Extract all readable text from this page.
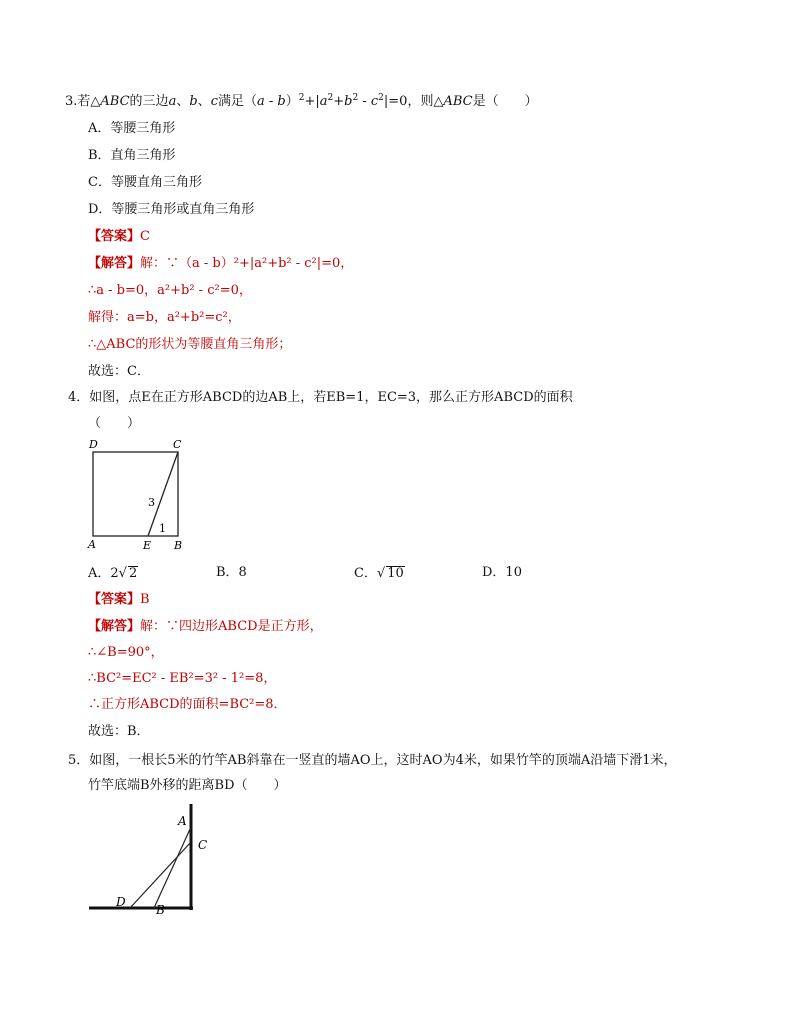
3.若△ABC的三边a、b、c满足$(a - b)^2+|a^2+b^2 - c^2|=0$，则△ABC是（　　）
A．等腰三角形
B．直角三角形
C．等腰直角三角形
D．等腰三角形或直角三角形
【答案】C
【解答】解：∵（a - b）²+|a²+b² - c²|=0，
∴a - b=0，a²+b² - c²=0，
解得：a=b，a²+b²=c²，
∴△ABC的形状为等腰直角三角形；
故选：C．
4．如图，点E在正方形ABCD的边AB上，若EB=1，EC=3，那么正方形ABCD的面积
（　　）
D	C
A	E B
3
1
A．2√ 2	B．8	C．√ 10	D．10
【答案】B
【解答】解：∵四边形ABCD是正方形，
∴∠B=90°，
∴BC²=EC² - EB²=3² - 1²=8，
∴正方形ABCD的面积=BC²=8．
故选：B．
5．如图，一根长5米的竹竿AB斜靠在一竖直的墙AO上，这时AO为4米，如果竹竿的顶端A沿墙下滑1米，
竹竿底端B外移的距离BD（　　）
A
C
D
B
